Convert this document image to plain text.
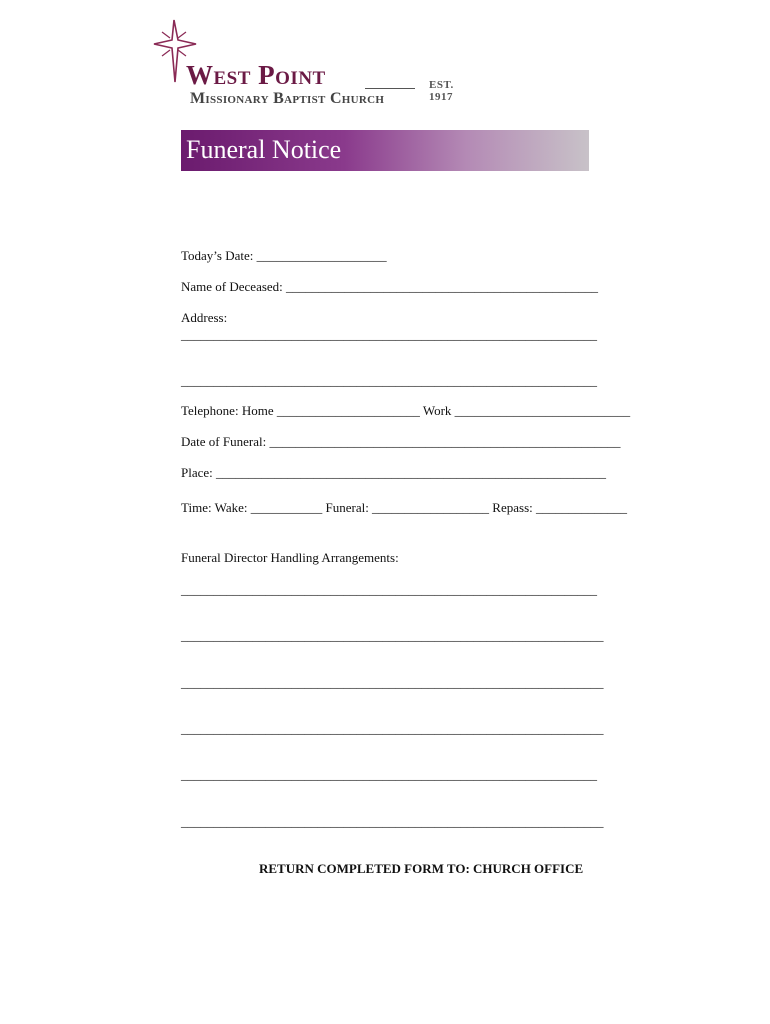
West Point	EST. 1917
Missionary Baptist Church
Funeral Notice
Today’s Date: ____________________
Name of Deceased: ________________________________________________
Address:
________________________________________________________________
________________________________________________________________
Telephone: Home ______________________ Work ___________________________
Date of Funeral: ______________________________________________________
Place: ____________________________________________________________
Time: Wake: ___________ Funeral: __________________ Repass: ______________
Funeral Director Handling Arrangements:
________________________________________________________________
_________________________________________________________________
_________________________________________________________________
_________________________________________________________________
________________________________________________________________
_________________________________________________________________
RETURN COMPLETED FORM TO: CHURCH OFFICE
